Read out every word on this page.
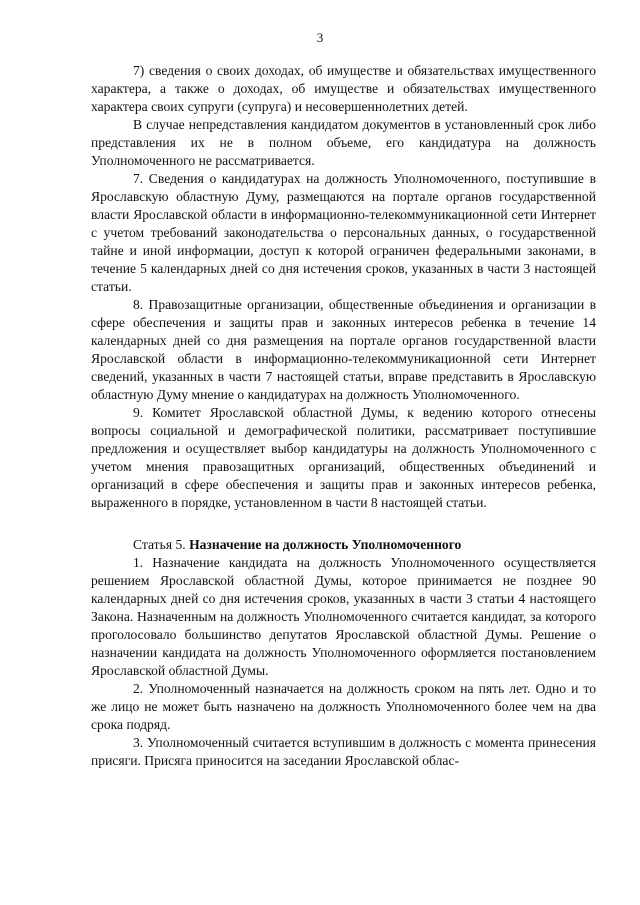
3

7) сведения о своих доходах, об имуществе и обязательствах имущественного характера, а также о доходах, об имуществе и обязательствах имущественного характера своих супруги (супруга) и несовершеннолетних детей.

В случае непредставления кандидатом документов в установленный срок либо представления их не в полном объеме, его кандидатура на должность Уполномоченного не рассматривается.

7. Сведения о кандидатурах на должность Уполномоченного, поступившие в Ярославскую областную Думу, размещаются на портале органов государственной власти Ярославской области в информационно-телекоммуникационной сети Интернет с учетом требований законодательства о персональных данных, о государственной тайне и иной информации, доступ к которой ограничен федеральными законами, в течение 5 календарных дней со дня истечения сроков, указанных в части 3 настоящей статьи.

8. Правозащитные организации, общественные объединения и организации в сфере обеспечения и защиты прав и законных интересов ребенка в течение 14 календарных дней со дня размещения на портале органов государственной власти Ярославской области в информационно-телекоммуникационной сети Интернет сведений, указанных в части 7 настоящей статьи, вправе представить в Ярославскую областную Думу мнение о кандидатурах на должность Уполномоченного.

9. Комитет Ярославской областной Думы, к ведению которого отнесены вопросы социальной и демографической политики, рассматривает поступившие предложения и осуществляет выбор кандидатуры на должность Уполномоченного с учетом мнения правозащитных организаций, общественных объединений и организаций в сфере обеспечения и защиты прав и законных интересов ребенка, выраженного в порядке, установленном в части 8 настоящей статьи.

Статья 5. Назначение на должность Уполномоченного

1. Назначение кандидата на должность Уполномоченного осуществляется решением Ярославской областной Думы, которое принимается не позднее 90 календарных дней со дня истечения сроков, указанных в части 3 статьи 4 настоящего Закона. Назначенным на должность Уполномоченного считается кандидат, за которого проголосовало большинство депутатов Ярославской областной Думы. Решение о назначении кандидата на должность Уполномоченного оформляется постановлением Ярославской областной Думы.

2. Уполномоченный назначается на должность сроком на пять лет. Одно и то же лицо не может быть назначено на должность Уполномоченного более чем на два срока подряд.

3. Уполномоченный считается вступившим в должность с момента принесения присяги. Присяга приносится на заседании Ярославской облас-
